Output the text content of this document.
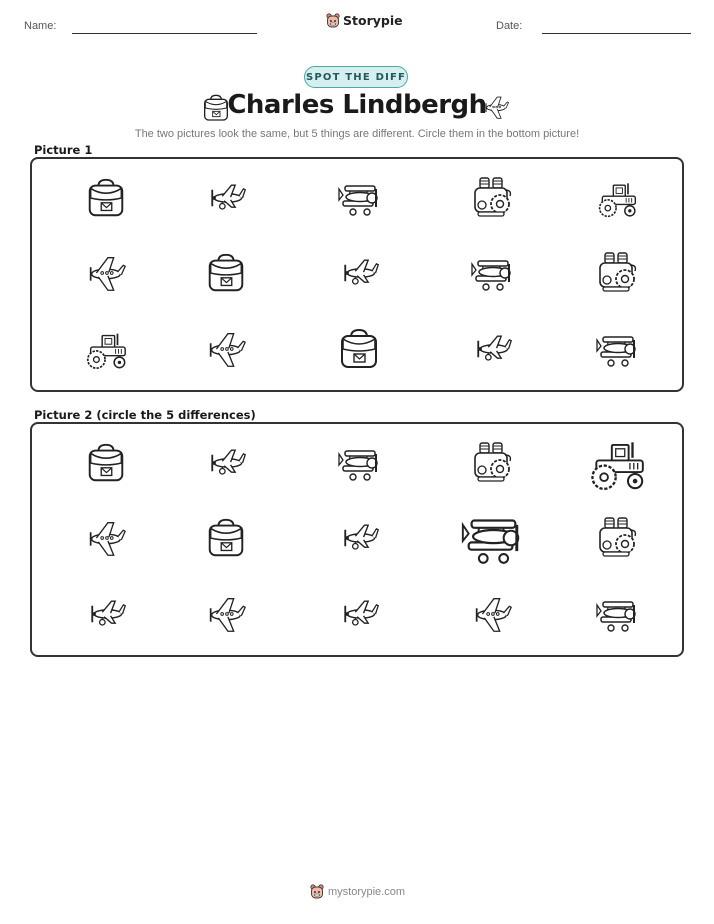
Name:	Storypie	Date:
SPOT THE DIFF
Charles Lindbergh
The two pictures look the same, but 5 things are different. Circle them in the bottom picture!
Picture 1
Picture 2 (circle the 5 differences)
mystorypie.com
